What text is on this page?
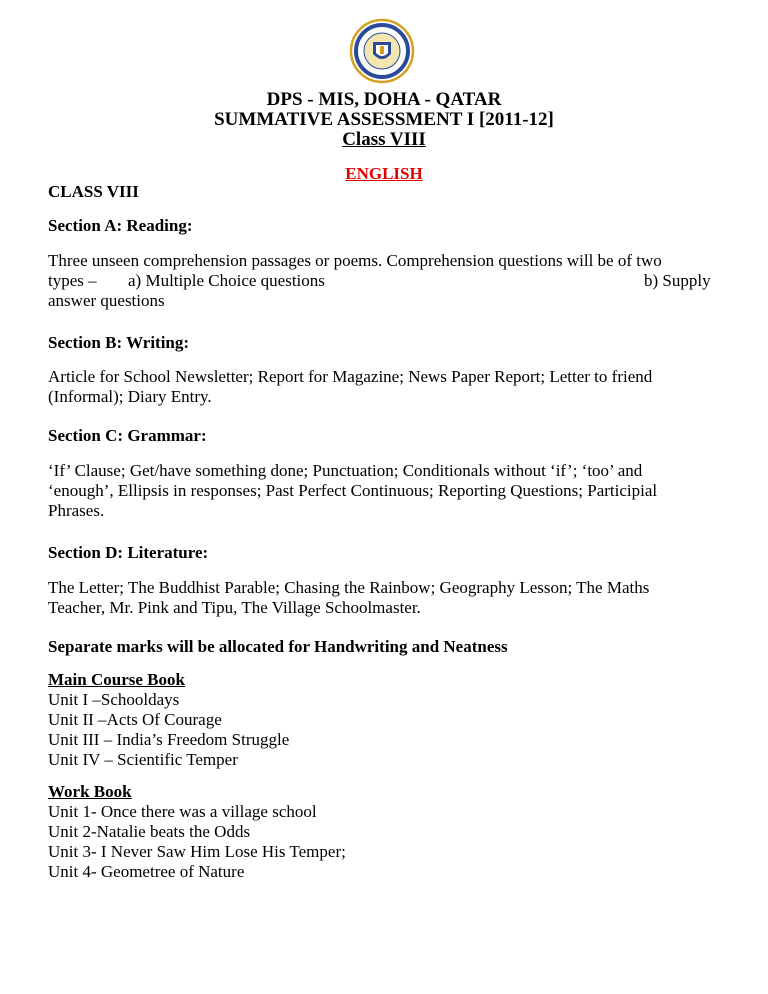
DPS - MIS, DOHA - QATAR
SUMMATIVE ASSESSMENT I [2011-12]
Class VIII
ENGLISH
CLASS VIII
Section A: Reading:
Three unseen comprehension passages or poems. Comprehension questions will be of two
types – a) Multiple Choice questions	b) Supply
answer questions
Section B: Writing:
Article for School Newsletter; Report for Magazine; News Paper Report; Letter to friend
(Informal); Diary Entry.
Section C: Grammar:
‘If’ Clause; Get/have something done; Punctuation; Conditionals without ‘if’; ‘too’ and
‘enough’, Ellipsis in responses; Past Perfect Continuous; Reporting Questions; Participial
Phrases.
Section D: Literature:
The Letter; The Buddhist Parable; Chasing the Rainbow; Geography Lesson; The Maths
Teacher, Mr. Pink and Tipu, The Village Schoolmaster.
Separate marks will be allocated for Handwriting and Neatness
Main Course Book
Unit I –Schooldays
Unit II –Acts Of Courage
Unit III – India’s Freedom Struggle
Unit IV – Scientific Temper
Work Book
Unit 1- Once there was a village school
Unit 2-Natalie beats the Odds
Unit 3- I Never Saw Him Lose His Temper;
Unit 4- Geometree of Nature
